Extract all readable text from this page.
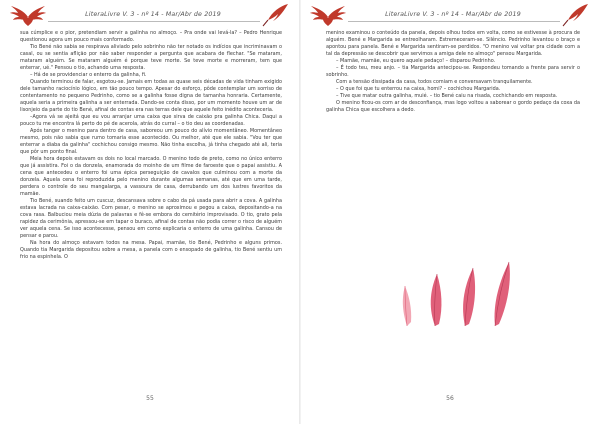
LiteraLivre V. 3 - nº 14 - Mar/Abr de 2019

sua cúmplice e o pior, pretendiam servir a galinha no almoço. – Pra onde vai levá-la? – Pedro Henrique questionou agora um pouco mais conformado.

Tio Bené não sabia se respirava aliviado pelo sobrinho não ter notado os indícios que incriminavam o casal, ou se sentia aflição por não saber responder a pergunta que acabara de flechar. "Se mataram, mataram alguém. Se mataram alguém é porque teve morte. Se teve morte e morreram, tem que enterrar, ué." Pensou o tio, achando uma resposta.

– Há de se providenciar o enterro da galinha, fi.

Quando terminou de falar, esgotou-se. Jamais em todas as quase seis décadas de vida tinham exigido dele tamanho raciocínio lógico, em tão pouco tempo. Apesar do esforço, pôde contemplar um sorriso de contentamento no pequeno Pedrinho, como se a galinha fosse digna de tamanha honraria. Certamente, aquela seria a primeira galinha a ser enterrada. Dando-se conta disso, por um momento houve um ar de lisonjeio da parte do tio Bené, afinal de contas era nas terras dele que aquele feito inédito aconteceria.

–Agora vá se ajeitá que eu vou arranjar uma caixa que sirva de caixão pra galinha Chica. Daqui a pouco tu me encontra lá perto do pé de acerola, atrás do curral – o tio deu as coordenadas.

Após tanger o menino para dentro de casa, saboreou um pouco do alívio momentâneo. Momentâneo mesmo, pois não sabia que rumo tomaria esse acontecido. Ou melhor, até que ele sabia. "Vou ter que enterrar a diaba da galinha" cochichou consigo mesmo. Não tinha escolha, já tinha chegado até ali, teria que pôr um ponto final.

Meia hora depois estavam os dois no local marcado. O menino todo de preto, como no único enterro que já assistira. Foi o da donzela, enamorada do moinho de um filme de faroeste que o papai assistiu. A cena que antecedeu o enterro foi uma épica perseguição de cavalos que culminou com a morte da donzela. Aquela cena foi reproduzida pelo menino durante algumas semanas, até que em uma tarde, perdera o controle do seu mangalarga, a vassoura de casa, derrubando um dos lustres favoritos da mamãe.

Tio Bené, suando feito um cuscuz, descansava sobre o cabo da pá usada para abrir a cova. A galinha estava lacrada na caixa-caixão. Com pesar, o menino se aproximou e pegou a caixa, depositando-a na cova rasa. Balbuciou meia dúzia de palavras e fê-se embora do cemitério improvisado. O tio, grato pela rapidez da cerimônia, apressou-se em tapar o buraco, afinal de contas não podia correr o risco de alguém ver aquela cena. Se isso acontecesse, pensou em como explicaria o enterro de uma galinha. Cansou de pensar e parou.

Na hora do almoço estavam todos na mesa. Papai, mamãe, tio Bené, Pedrinho e alguns primos. Quando tia Margarida depositou sobre a mesa, a panela com o ensopado de galinha, tio Bené sentiu um frio na espinhela. O

55
LiteraLivre V. 3 - nº 14 - Mar/Abr de 2019

menino examinou o conteúdo da panela, depois olhou todos em volta, como se estivesse à procura de alguém. Bené e Margarida se entreolharam. Estremeceram-se. Silêncio. Pedrinho levantou o braço e apontou para panela. Bené e Margarida sentiram-se perdidos. "O menino vai voltar pra cidade com a tal da depressão se descobrir que servimos a amiga dele no almoço" pensou Margarida.

– Mamãe, mamãe, eu quero aquele pedaço! – disparou Pedrinho.

– É todo teu, meu anjo. – tia Margarida antecipou-se. Respondeu tomando a frente para servir o sobrinho.

Com a tensão dissipada da casa, todos comiam e conversavam tranquilamente.

– O que foi que tu enterrou na caixa, homi? – cochichou Margarida.

– Tive que matar outra galinha, muié. – tio Bené caiu na risada, cochichando em resposta.

O menino ficou-os com ar de desconfiança, mas logo voltou a saborear o gordo pedaço da coxa da galinha Chica que escolhera a dedo.

56
